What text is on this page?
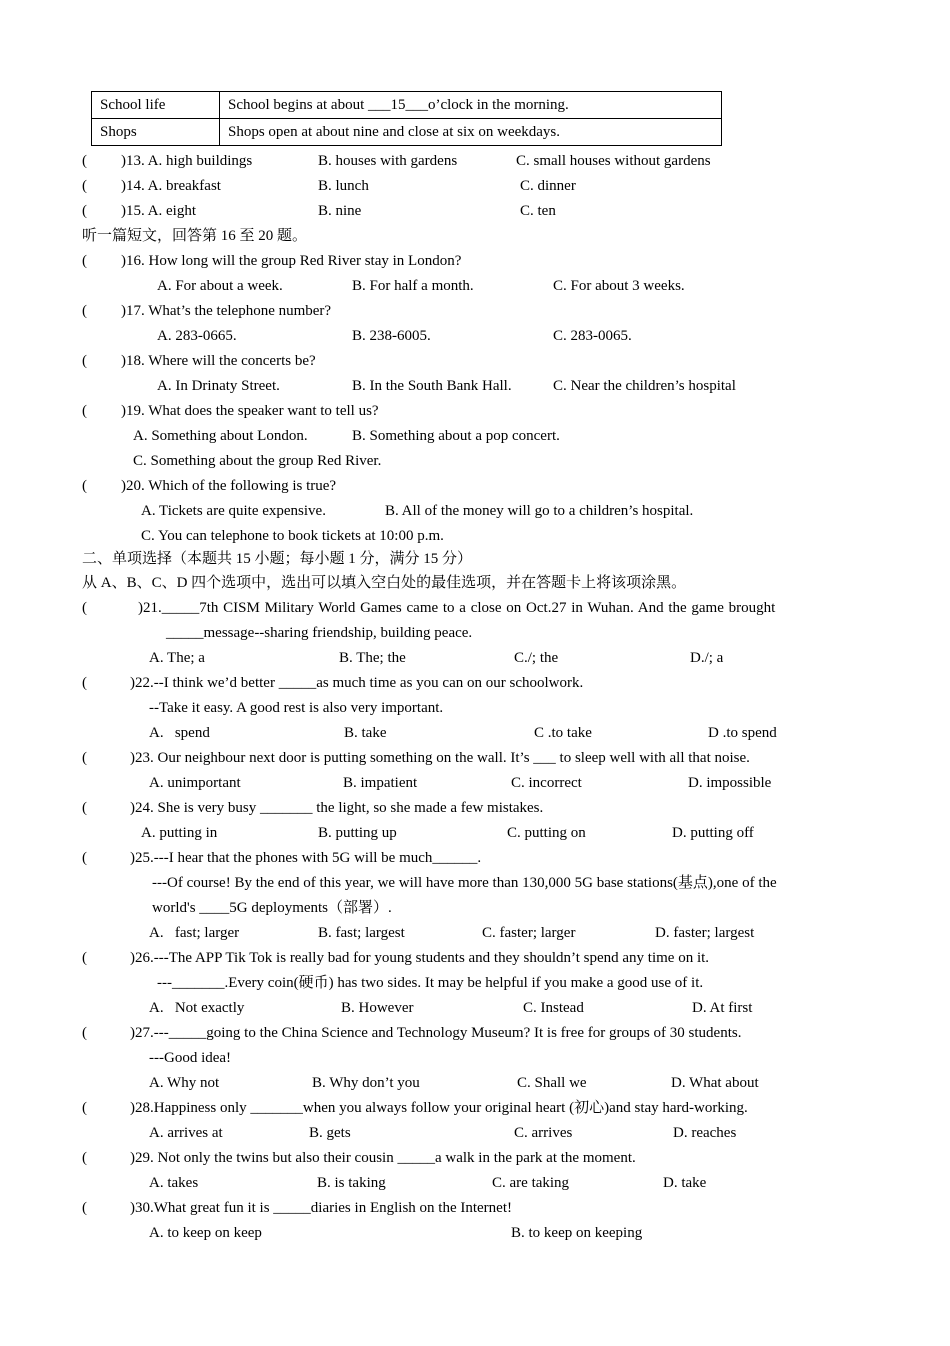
School life	School begins at about ___15___o’clock in the morning.
Shops	Shops open at about nine and close at six on weekdays.
( )13. A. high buildings	B. houses with gardens	C. small houses without gardens
( )14. A. breakfast	B. lunch	C. dinner
( )15. A. eight	B. nine	C. ten
听一篇短文，回答第 16 至 20 题。
( )16. How long will the group Red River stay in London?
A. For about a week.	B. For half a month.	C. For about 3 weeks.
( )17. What’s the telephone number?
A. 283-0665.	B. 238-6005.	C. 283-0065.
( )18. Where will the concerts be?
A. In Drinaty Street.	B. In the South Bank Hall.	C. Near the children’s hospital
( )19. What does the speaker want to tell us?
A. Something about London.	B. Something about a pop concert.
C. Something about the group Red River.
( )20. Which of the following is true?
A. Tickets are quite expensive.	B. All of the money will go to a children’s hospital.
C. You can telephone to book tickets at 10:00 p.m.
二、单项选择（本题共 15 小题；每小题 1 分，满分 15 分）
从 A、B、C、D 四个选项中，选出可以填入空白处的最佳选项，并在答题卡上将该项涂黑。
(	)21._____7th CISM Military World Games came to a close on Oct.27 in Wuhan. And the game brought
_____message--sharing friendship, building peace.
A. The; a	B. The; the	C./; the	D./; a
(	)22.--I think we’d better _____as much time as you can on our schoolwork.
--Take it easy. A good rest is also very important.
A.   spend	B. take	C .to take	D .to spend
(	)23. Our neighbour next door is putting something on the wall. It’s ___ to sleep well with all that noise.
A. unimportant	B. impatient	C. incorrect	D. impossible
(	)24. She is very busy _______ the light, so she made a few mistakes.
A. putting in	B. putting up	C. putting on	D. putting off
(	)25.---I hear that the phones with 5G will be much______.
---Of course! By the end of this year, we will have more than 130,000 5G base stations(基点),one of the
world's ____5G deployments（部署）.
A.   fast; larger	B. fast; largest	C. faster; larger	D. faster; largest
(	)26.---The APP Tik Tok is really bad for young students and they shouldn’t spend any time on it.
---_______.Every coin(硬币) has two sides. It may be helpful if you make a good use of it.
A.   Not exactly	B. However	C. Instead	D. At first
(	)27.---_____going to the China Science and Technology Museum? It is free for groups of 30 students.
---Good idea!
A. Why not	B. Why don’t you	C. Shall we	D. What about
(	)28.Happiness only _______when you always follow your original heart (初心)and stay hard-working.
A. arrives at	B. gets	C. arrives	D. reaches
(	)29. Not only the twins but also their cousin _____a walk in the park at the moment.
A. takes	B. is taking	C. are taking	D. take
(	)30.What great fun it is _____diaries in English on the Internet!
A. to keep on keep	B. to keep on keeping
